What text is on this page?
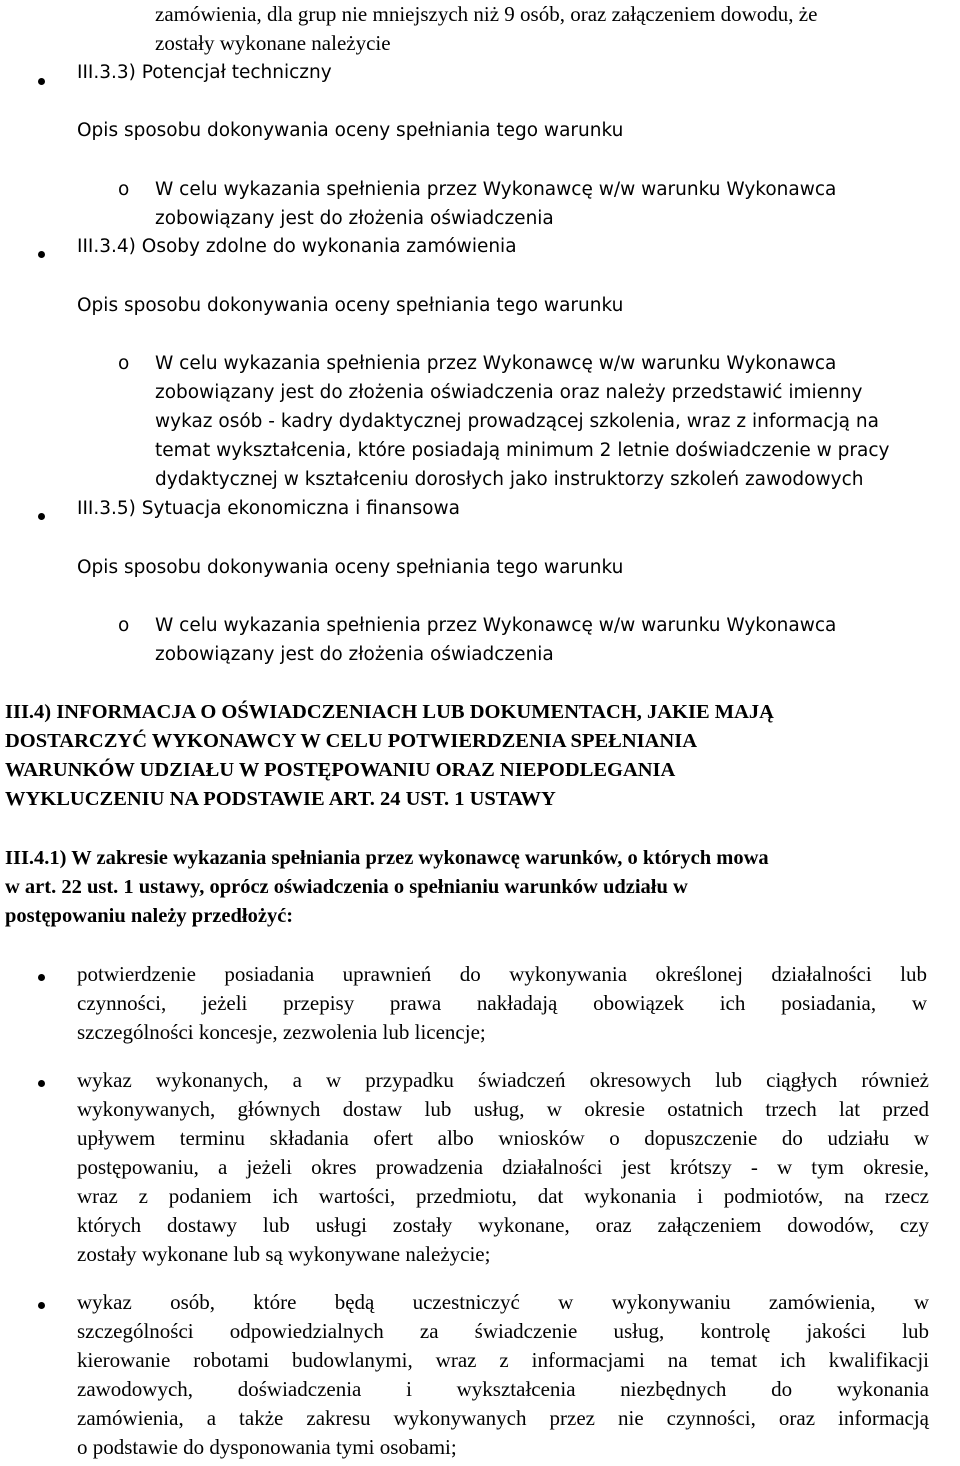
zamówienia, dla grup nie mniejszych niż 9 osób, oraz załączeniem dowodu, że
zostały wykonane należycie
III.3.3) Potencjał techniczny
Opis sposobu dokonywania oceny spełniania tego warunku
o W celu wykazania spełnienia przez Wykonawcę w/w warunku Wykonawca
zobowiązany jest do złożenia oświadczenia
III.3.4) Osoby zdolne do wykonania zamówienia
Opis sposobu dokonywania oceny spełniania tego warunku
o W celu wykazania spełnienia przez Wykonawcę w/w warunku Wykonawca
zobowiązany jest do złożenia oświadczenia oraz należy przedstawić imienny
wykaz osób - kadry dydaktycznej prowadzącej szkolenia, wraz z informacją na
temat wykształcenia, które posiadają minimum 2 letnie doświadczenie w pracy
dydaktycznej w kształceniu dorosłych jako instruktorzy szkoleń zawodowych
III.3.5) Sytuacja ekonomiczna i finansowa
Opis sposobu dokonywania oceny spełniania tego warunku
o W celu wykazania spełnienia przez Wykonawcę w/w warunku Wykonawca
zobowiązany jest do złożenia oświadczenia
III.4) INFORMACJA O OŚWIADCZENIACH LUB DOKUMENTACH, JAKIE MAJĄ
DOSTARCZYĆ WYKONAWCY W CELU POTWIERDZENIA SPEŁNIANIA
WARUNKÓW UDZIAŁU W POSTĘPOWANIU ORAZ NIEPODLEGANIA
WYKLUCZENIU NA PODSTAWIE ART. 24 UST. 1 USTAWY
III.4.1) W zakresie wykazania spełniania przez wykonawcę warunków, o których mowa
w art. 22 ust. 1 ustawy, oprócz oświadczenia o spełnianiu warunków udziału w
postępowaniu należy przedłożyć:
potwierdzenie posiadania uprawnień do wykonywania określonej działalności lub
czynności, jeżeli przepisy prawa nakładają obowiązek ich posiadania, w
szczególności koncesje, zezwolenia lub licencje;
wykaz wykonanych, a w przypadku świadczeń okresowych lub ciągłych również
wykonywanych, głównych dostaw lub usług, w okresie ostatnich trzech lat przed
upływem terminu składania ofert albo wniosków o dopuszczenie do udziału w
postępowaniu, a jeżeli okres prowadzenia działalności jest krótszy - w tym okresie,
wraz z podaniem ich wartości, przedmiotu, dat wykonania i podmiotów, na rzecz
których dostawy lub usługi zostały wykonane, oraz załączeniem dowodów, czy
zostały wykonane lub są wykonywane należycie;
wykaz osób, które będą uczestniczyć w wykonywaniu zamówienia, w
szczególności odpowiedzialnych za świadczenie usług, kontrolę jakości lub
kierowanie robotami budowlanymi, wraz z informacjami na temat ich kwalifikacji
zawodowych, doświadczenia i wykształcenia niezbędnych do wykonania
zamówienia, a także zakresu wykonywanych przez nie czynności, oraz informacją
o podstawie do dysponowania tymi osobami;
